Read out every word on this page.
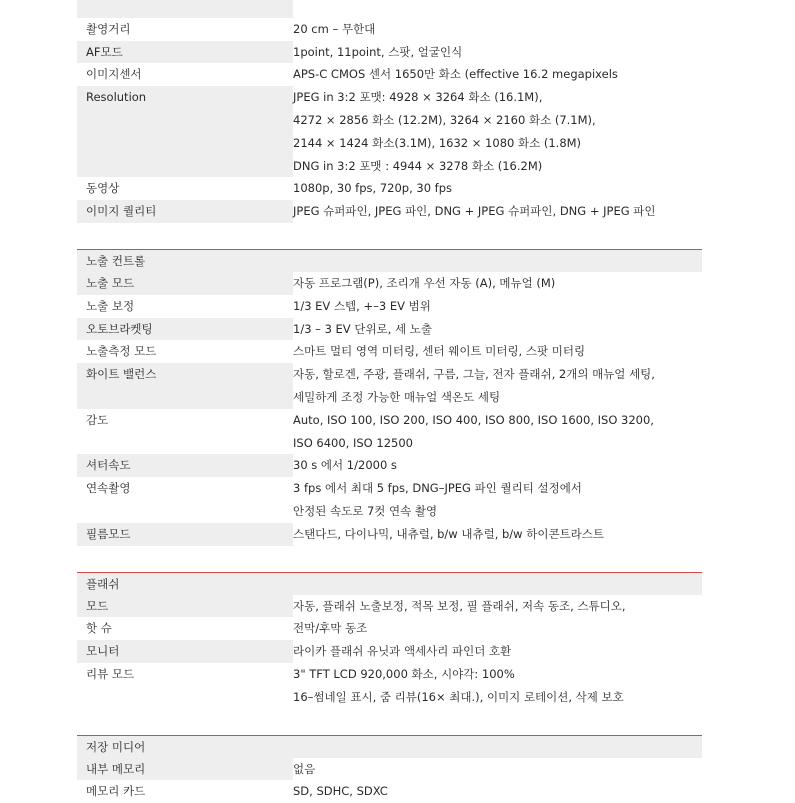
촬영거리	20 cm – 무한대
AF모드	1point, 11point, 스팟, 얼굴인식
이미지센서	APS-C CMOS 센서 1650만 화소 (effective 16.2 megapixels
Resolution	JPEG in 3:2 포맷: 4928 × 3264 화소 (16.1M),
4272 × 2856 화소 (12.2M), 3264 × 2160 화소 (7.1M),
2144 × 1424 화소(3.1M), 1632 × 1080 화소 (1.8M)
DNG in 3:2 포맷 : 4944 × 3278 화소 (16.2M)
동영상	1080p, 30 fps, 720p, 30 fps
이미지 퀄리티	JPEG 슈퍼파인, JPEG 파인, DNG + JPEG 슈퍼파인, DNG + JPEG 파인
노출 컨트롤
노출 모드	자동 프로그램(P), 조리개 우선 자동 (A), 메뉴얼 (M)
노출 보정	1/3 EV 스텝, +–3 EV 범위
오토브라켓팅	1/3 – 3 EV 단위로, 세 노출
노출측정 모드	스마트 멀티 영역 미터링, 센터 웨이트 미터링, 스팟 미터링
화이트 밸런스	자동, 할로겐, 주광, 플래쉬, 구름, 그늘, 전자 플래쉬, 2개의 매뉴얼 세팅,
세밀하게 조정 가능한 매뉴얼 색온도 세팅
감도	Auto, ISO 100, ISO 200, ISO 400, ISO 800, ISO 1600, ISO 3200,
ISO 6400, ISO 12500
셔터속도	30 s 에서 1/2000 s
연속촬영	3 fps 에서 최대 5 fps, DNG–JPEG 파인 퀄리티 설정에서
안정된 속도로 7컷 연속 촬영
필름모드	스탠다드, 다이나믹, 내츄럴, b/w 내츄럴, b/w 하이콘트라스트
플래쉬
모드	자동, 플래쉬 노출보정, 적목 보정, 필 플래쉬, 저속 동조, 스튜디오,
핫 슈	전막/후막 동조
모니터	라이카 플래쉬 유닛과 액세사리 파인더 호환
리뷰 모드	3" TFT LCD 920,000 화소, 시야각: 100%
16–썸네일 표시, 줌 리뷰(16× 최대.), 이미지 로테이션, 삭제 보호
저장 미디어
내부 메모리	없음
메모리 카드	SD, SDHC, SDXC
